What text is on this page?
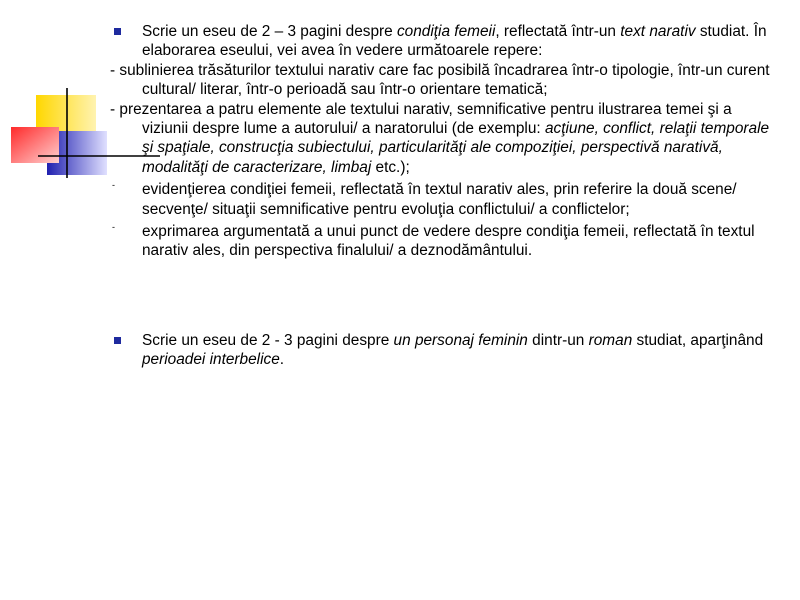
Scrie un eseu de 2 – 3 pagini despre condiţia femeii, reflectată într-un text narativ studiat. În elaborarea eseului, vei avea în vedere următoarele repere:

- sublinierea trăsăturilor textului narativ care fac posibilă încadrarea într-o tipologie, într-un curent cultural/ literar, într-o perioadă sau într-o orientare tematică;

- prezentarea a patru elemente ale textului narativ, semnificative pentru ilustrarea temei şi a viziunii despre lume a autorului/ a naratorului (de exemplu: acţiune, conflict, relaţii temporale şi spaţiale, construcţia subiectului, particularităţi ale compoziţiei, perspectivă narativă, modalităţi de caracterizare, limbaj etc.);

- evidenţierea condiţiei femeii, reflectată în textul narativ ales, prin referire la două scene/ secvenţe/ situaţii semnificative pentru evoluţia conflictului/ a conflictelor;

- exprimarea argumentată a unui punct de vedere despre condiţia femeii, reflectată în textul narativ ales, din perspectiva finalului/ a deznodământului.

Scrie un eseu de 2 - 3 pagini despre un personaj feminin dintr-un roman studiat, aparţinând perioadei interbelice.
